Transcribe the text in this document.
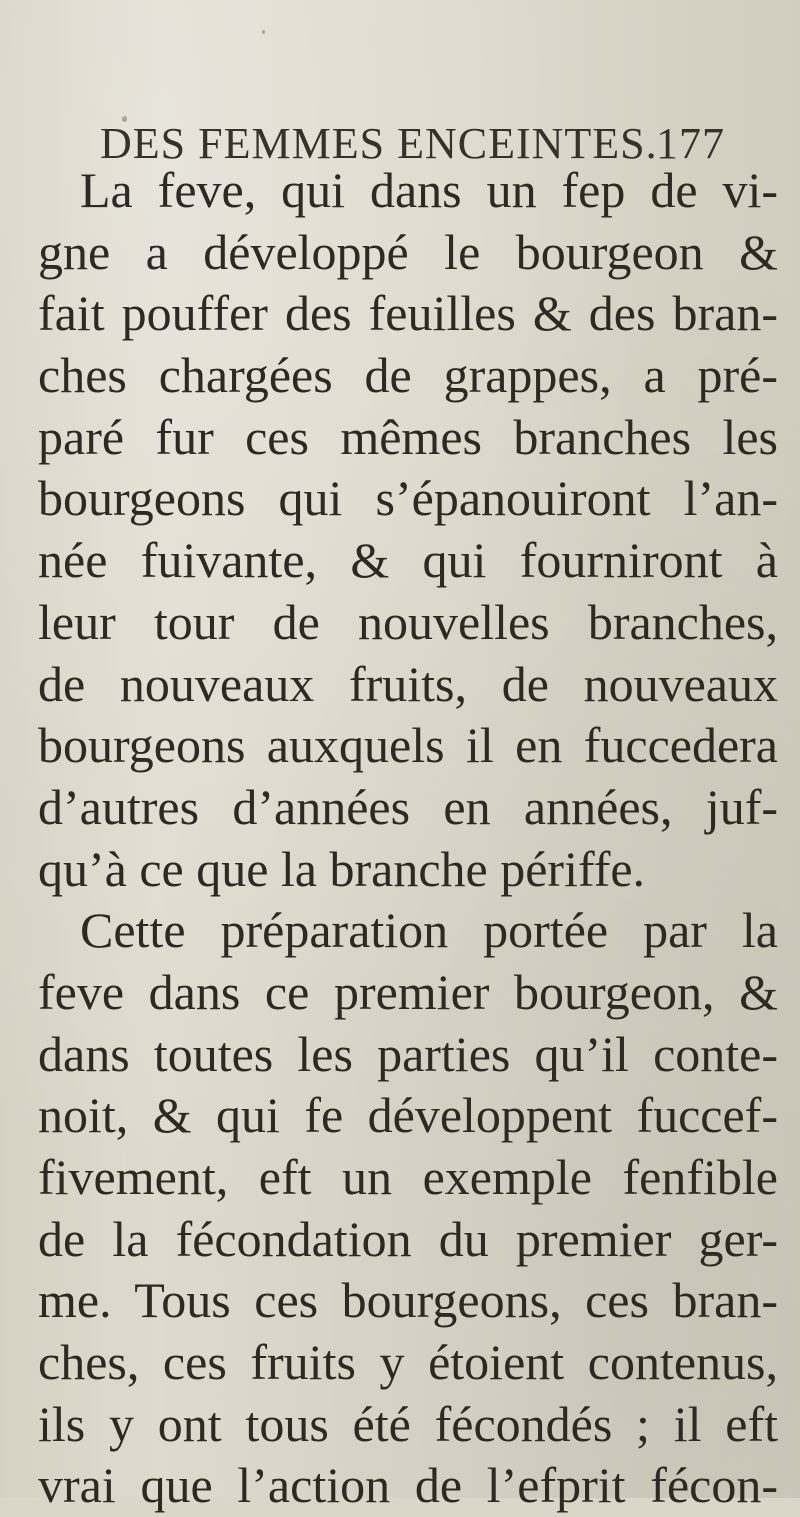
DES FEMMES ENCEINTES.
177
La feve, qui dans un fep de vi-
gne a développé le bourgeon &
fait pouffer des feuilles & des bran-
ches chargées de grappes, a pré-
paré fur ces mêmes branches les
bourgeons qui s’épanouiront l’an-
née fuivante, & qui fourniront à
leur tour de nouvelles branches,
de nouveaux fruits, de nouveaux
bourgeons auxquels il en fuccedera
d’autres d’années en années, juf-
qu’à ce que la branche périffe.
Cette préparation portée par la
feve dans ce premier bourgeon, &
dans toutes les parties qu’il conte-
noit, & qui fe développent fuccef-
fivement, eft un exemple fenfible
de la fécondation du premier ger-
me. Tous ces bourgeons, ces bran-
ches, ces fruits y étoient contenus,
ils y ont tous été fécondés ; il eft
vrai que l’action de l’efprit fécon-
